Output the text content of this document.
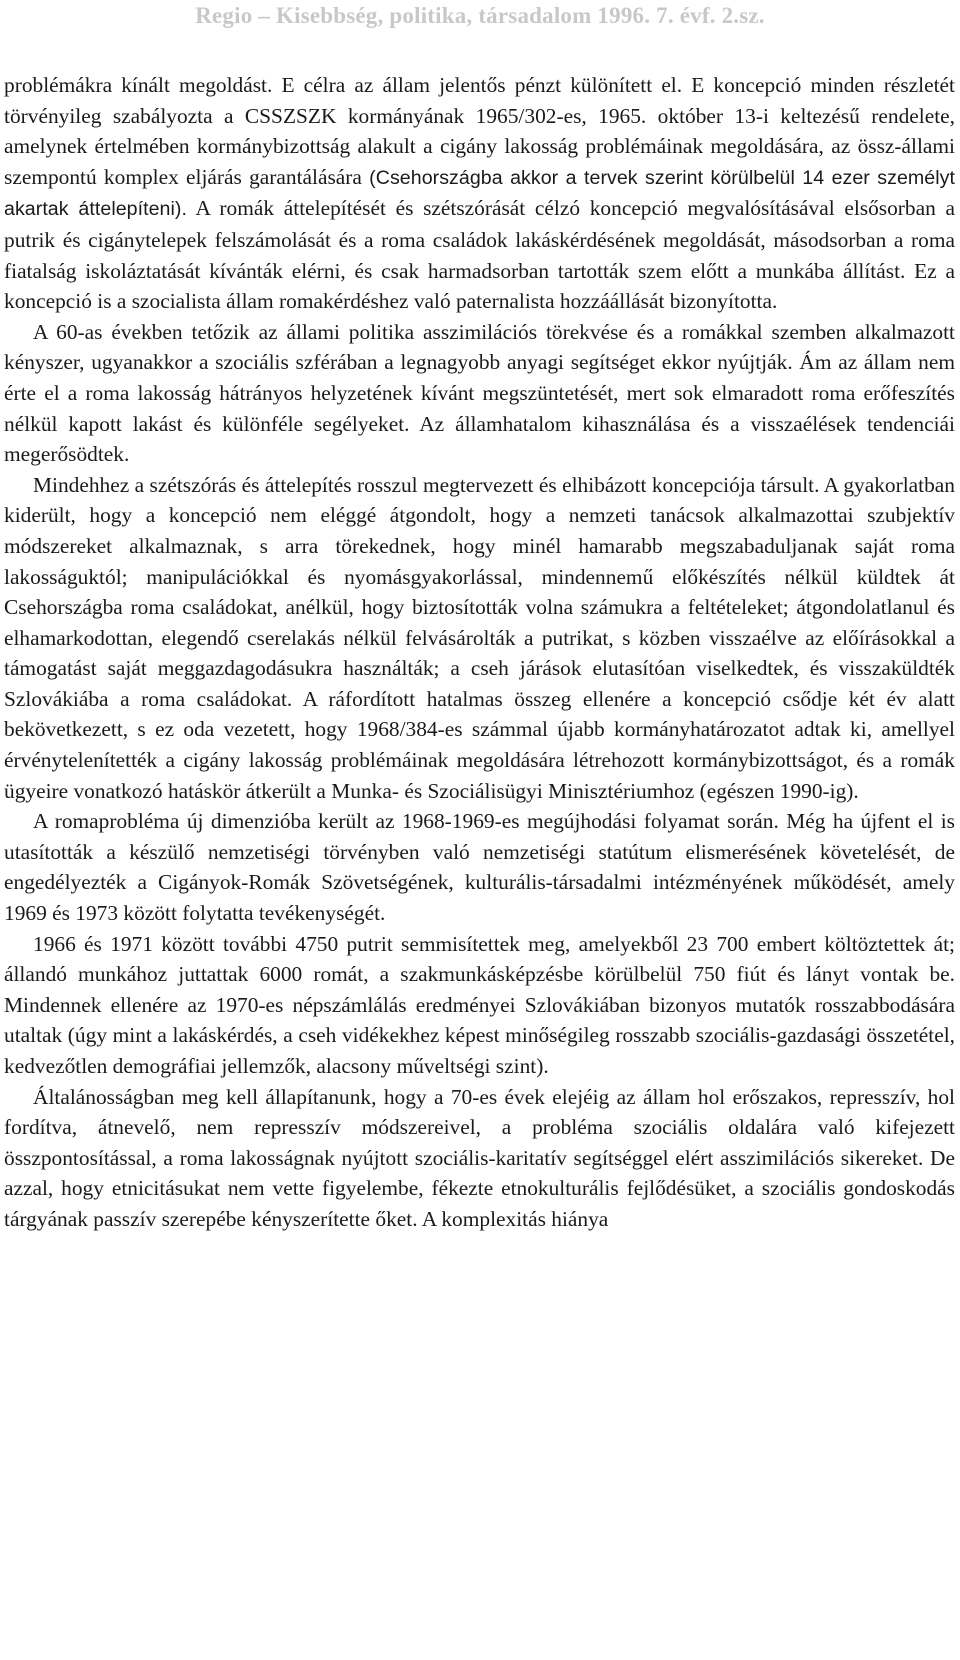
Regio – Kisebbség, politika, társadalom 1996. 7. évf. 2.sz.

problémákra kínált megoldást. E célra az állam jelentős pénzt különített el. E koncepció minden részletét törvényileg szabályozta a CSSZSZK kormányának 1965/302-es, 1965. október 13-i keltezésű rendelete, amelynek értelmében kormánybizottság alakult a cigány lakosság problémáinak megoldására, az össz-állami szempontú komplex eljárás garantálására (Csehországba akkor a tervek szerint körülbelül 14 ezer személyt akartak áttelepíteni). A romák áttelepítését és szétszórását célzó koncepció megvalósításával elsősorban a putrik és cigánytelepek felszámolását és a roma családok lakáskérdésének megoldását, másodsorban a roma fiatalság iskoláztatását kívánták elérni, és csak harmadsorban tartották szem előtt a munkába állítást. Ez a koncepció is a szocialista állam romakérdéshez való paternalista hozzáállását bizonyította.

A 60-as években tetőzik az állami politika asszimilációs törekvése és a romákkal szemben alkalmazott kényszer, ugyanakkor a szociális szférában a legnagyobb anyagi segítséget ekkor nyújtják. Ám az állam nem érte el a roma lakosság hátrányos helyzetének kívánt megszüntetését, mert sok elmaradott roma erőfeszítés nélkül kapott lakást és különféle segélyeket. Az államhatalom kihasználása és a visszaélések tendenciái megerősödtek.

Mindehhez a szétszórás és áttelepítés rosszul megtervezett és elhibázott koncepciója társult. A gyakorlatban kiderült, hogy a koncepció nem eléggé átgondolt, hogy a nemzeti tanácsok alkalmazottai szubjektív módszereket alkalmaznak, s arra törekednek, hogy minél hamarabb megszabaduljanak saját roma lakosságuktól; manipulációkkal és nyomásgyakorlással, mindennemű előkészítés nélkül küldtek át Csehországba roma családokat, anélkül, hogy biztosították volna számukra a feltételeket; átgondolatlanul és elhamarkodottan, elegendő cserelakás nélkül felvásárolták a putrikat, s közben visszaélve az előírásokkal a támogatást saját meggazdagodásukra használták; a cseh járások elutasítóan viselkedtek, és visszaküldték Szlovákiába a roma családokat. A ráfordított hatalmas összeg ellenére a koncepció csődje két év alatt bekövetkezett, s ez oda vezetett, hogy 1968/384-es számmal újabb kormányhatározatot adtak ki, amellyel érvénytelenítették a cigány lakosság problémáinak megoldására létrehozott kormánybizottságot, és a romák ügyeire vonatkozó hatáskör átkerült a Munka- és Szociálisügyi Minisztériumhoz (egészen 1990-ig).

A romaprobléma új dimenzióba került az 1968-1969-es megújhodási folyamat során. Még ha újfent el is utasították a készülő nemzetiségi törvényben való nemzetiségi statútum elismerésének követelését, de engedélyezték a Cigányok-Romák Szövetségének, kulturális-társadalmi intézményének működését, amely 1969 és 1973 között folytatta tevékenységét.

1966 és 1971 között további 4750 putrit semmisítettek meg, amelyekből 23 700 embert költöztettek át; állandó munkához juttattak 6000 romát, a szakmunkásképzésbe körülbelül 750 fiút és lányt vontak be. Mindennek ellenére az 1970-es népszámlálás eredményei Szlovákiában bizonyos mutatók rosszabbodására utaltak (úgy mint a lakáskérdés, a cseh vidékekhez képest minőségileg rosszabb szociális-gazdasági összetétel, kedvezőtlen demográfiai jellemzők, alacsony műveltségi szint).

Általánosságban meg kell állapítanunk, hogy a 70-es évek elejéig az állam hol erőszakos, represszív, hol fordítva, átnevelő, nem represszív módszereivel, a probléma szociális oldalára való kifejezett összpontosítással, a roma lakosságnak nyújtott szociális-karitatív segítséggel elért asszimilációs sikereket. De azzal, hogy etnicitásukat nem vette figyelembe, fékezte etnokulturális fejlődésüket, a szociális gondoskodás tárgyának passzív szerepébe kényszerítette őket. A komplexitás hiánya
